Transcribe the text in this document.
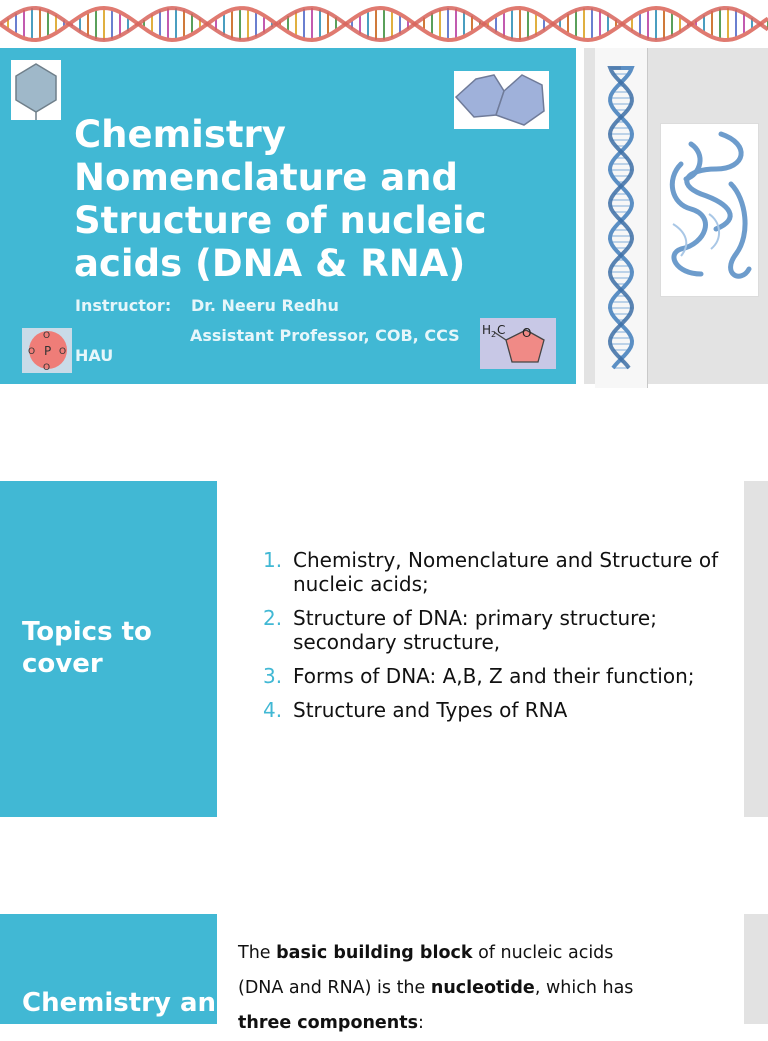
Chemistry Nomenclature and Structure of nucleic acids (DNA & RNA)
Instructor: Dr. Neeru Redhu
Assistant Professor, COB, CCS
HAU
P
O
O	O
O
H 2 C O
Topics to cover
1. Chemistry, Nomenclature and Structure of nucleic acids;
2. Structure of DNA: primary structure; secondary structure,
3. Forms of DNA: A,B, Z and their function;
4. Structure and Types of RNA
Chemistry and
The basic building block of nucleic acids (DNA and RNA) is the nucleotide, which has three components:
